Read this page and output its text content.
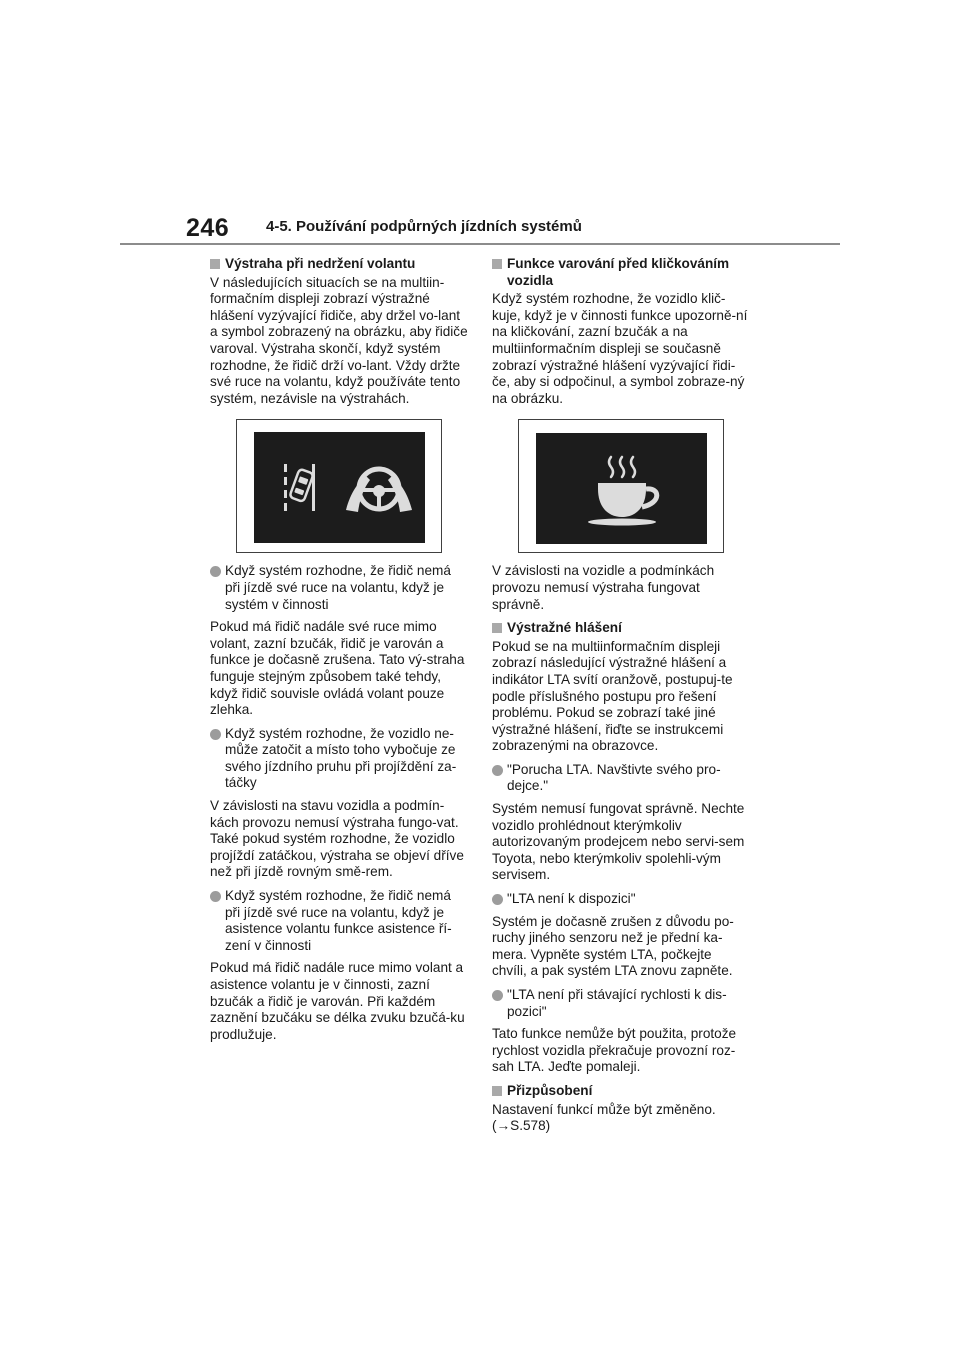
246 4-5. Používání podpůrných jízdních systémů
Výstraha při nedržení volantu
V následujících situacích se na multiin-formačním displeji zobrazí výstražné hlášení vyzývající řidiče, aby držel vo-lant a symbol zobrazený na obrázku, aby řidiče varoval. Výstraha skončí, když systém rozhodne, že řidič drží vo-lant. Vždy držte své ruce na volantu, když používáte tento systém, nezávisle na výstrahách.
Když systém rozhodne, že řidič nemá při jízdě své ruce na volantu, když je systém v činnosti
Pokud má řidič nadále své ruce mimo volant, zazní bzučák, řidič je varován a funkce je dočasně zrušena. Tato vý-straha funguje stejným způsobem také tehdy, když řidič souvisle ovládá volant pouze zlehka.
Když systém rozhodne, že vozidlo ne-může zatočit a místo toho vybočuje ze svého jízdního pruhu při projíždění za-táčky
V závislosti na stavu vozidla a podmín-kách provozu nemusí výstraha fungo-vat. Také pokud systém rozhodne, že vozidlo projíždí zatáčkou, výstraha se objeví dříve než při jízdě rovným smě-rem.
Když systém rozhodne, že řidič nemá při jízdě své ruce na volantu, když je asistence volantu funkce asistence ří-zení v činnosti
Pokud má řidič nadále ruce mimo volant a asistence volantu je v činnosti, zazní bzučák a řidič je varován. Při každém zaznění bzučáku se délka zvuku bzučá-ku prodlužuje.
Funkce varování před kličkováním vozidla
Když systém rozhodne, že vozidlo klič-kuje, když je v činnosti funkce upozorně-ní na kličkování, zazní bzučák a na multiinformačním displeji se současně zobrazí výstražné hlášení vyzývající řidi-če, aby si odpočinul, a symbol zobraze-ný na obrázku.
V závislosti na vozidle a podmínkách provozu nemusí výstraha fungovat správně.
Výstražné hlášení
Pokud se na multiinformačním displeji zobrazí následující výstražné hlášení a indikátor LTA svítí oranžově, postupuj-te podle příslušného postupu pro řešení problému. Pokud se zobrazí také jiné výstražné hlášení, řiďte se instrukcemi zobrazenými na obrazovce.
"Porucha LTA. Navštivte svého pro-dejce."
Systém nemusí fungovat správně. Nechte vozidlo prohlédnout kterýmkoliv autorizovaným prodejcem nebo servi-sem Toyota, nebo kterýmkoliv spolehli-vým servisem.
"LTA není k dispozici"
Systém je dočasně zrušen z důvodu po-ruchy jiného senzoru než je přední ka-mera. Vypněte systém LTA, počkejte chvíli, a pak systém LTA znovu zapněte.
"LTA není při stávající rychlosti k dis-pozici"
Tato funkce nemůže být použita, protože rychlost vozidla překračuje provozní roz-sah LTA. Jeďte pomaleji.
Přizpůsobení
Nastavení funkcí může být změněno. (→S.578)
